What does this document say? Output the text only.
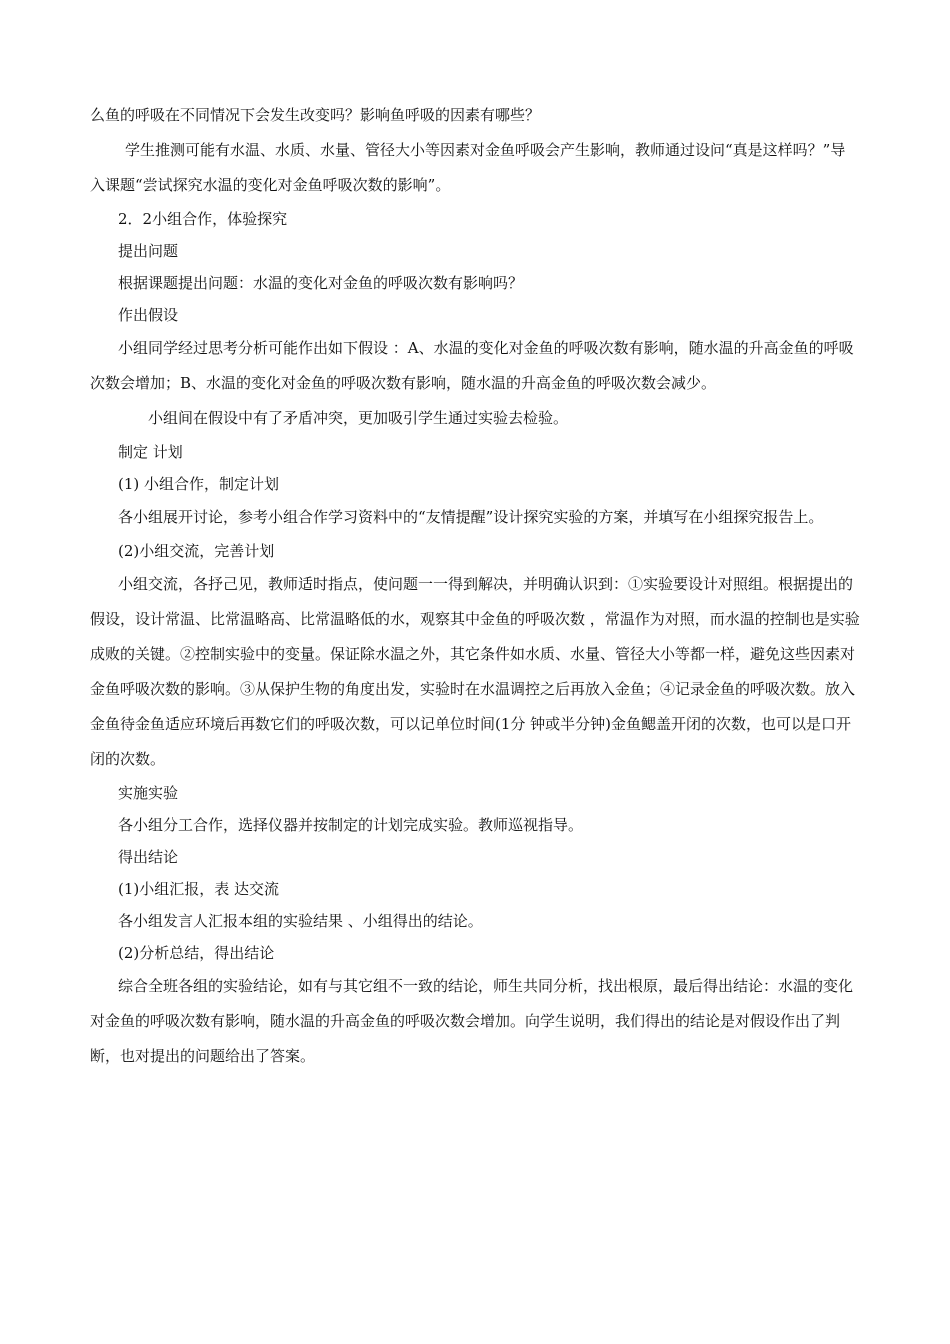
么鱼的呼吸在不同情况下会发生改变吗？影响鱼呼吸的因素有哪些？

学生推测可能有水温、水质、水量、管径大小等因素对金鱼呼吸会产生影响，教师通过设问“真是这样吗？”导入课题“尝试探究水温的变化对金鱼呼吸次数的影响”。

2．2小组合作，体验探究

提出问题

根据课题提出问题：水温的变化对金鱼的呼吸次数有影响吗？

作出假设

小组同学经过思考分析可能作出如下假设 ：A、水温的变化对金鱼的呼吸次数有影响，随水温的升高金鱼的呼吸次数会增加；B、水温的变化对金鱼的呼吸次数有影响，随水温的升高金鱼的呼吸次数会减少。

小组间在假设中有了矛盾冲突，更加吸引学生通过实验去检验。

制定 计划

(1) 小组合作，制定计划

各小组展开讨论，参考小组合作学习资料中的“友情提醒”设计探究实验的方案，并填写在小组探究报告上。

(2)小组交流，完善计划

小组交流，各抒己见，教师适时指点，使问题一一得到解决，并明确认识到：①实验要设计对照组。根据提出的假设，设计常温、比常温略高、比常温略低的水，观察其中金鱼的呼吸次数 ，常温作为对照，而水温的控制也是实验成败的关键。②控制实验中的变量。保证除水温之外，其它条件如水质、水量、管径大小等都一样，避免这些因素对 金鱼呼吸次数的影响。③从保护生物的角度出发，实验时在水温调控之后再放入金鱼；④记录金鱼的呼吸次数。放入金鱼待金鱼适应环境后再数它们的呼吸次数，可以记单位时间(1分 钟或半分钟)金鱼鳃盖开闭的次数，也可以是口开闭的次数。

实施实验

各小组分工合作，选择仪器并按制定的计划完成实验。教师巡视指导。

得出结论

(1)小组汇报，表 达交流

各小组发言人汇报本组的实验结果 、小组得出的结论。

(2)分析总结，得出结论

综合全班各组的实验结论，如有与其它组不一致的结论，师生共同分析，找出根原，最后得出结论：水温的变化对金鱼的呼吸次数有影响，随水温的升高金鱼的呼吸次数会增加。向学生说明，我们得出的结论是对假设作出了判断，也对提出的问题给出了答案。
